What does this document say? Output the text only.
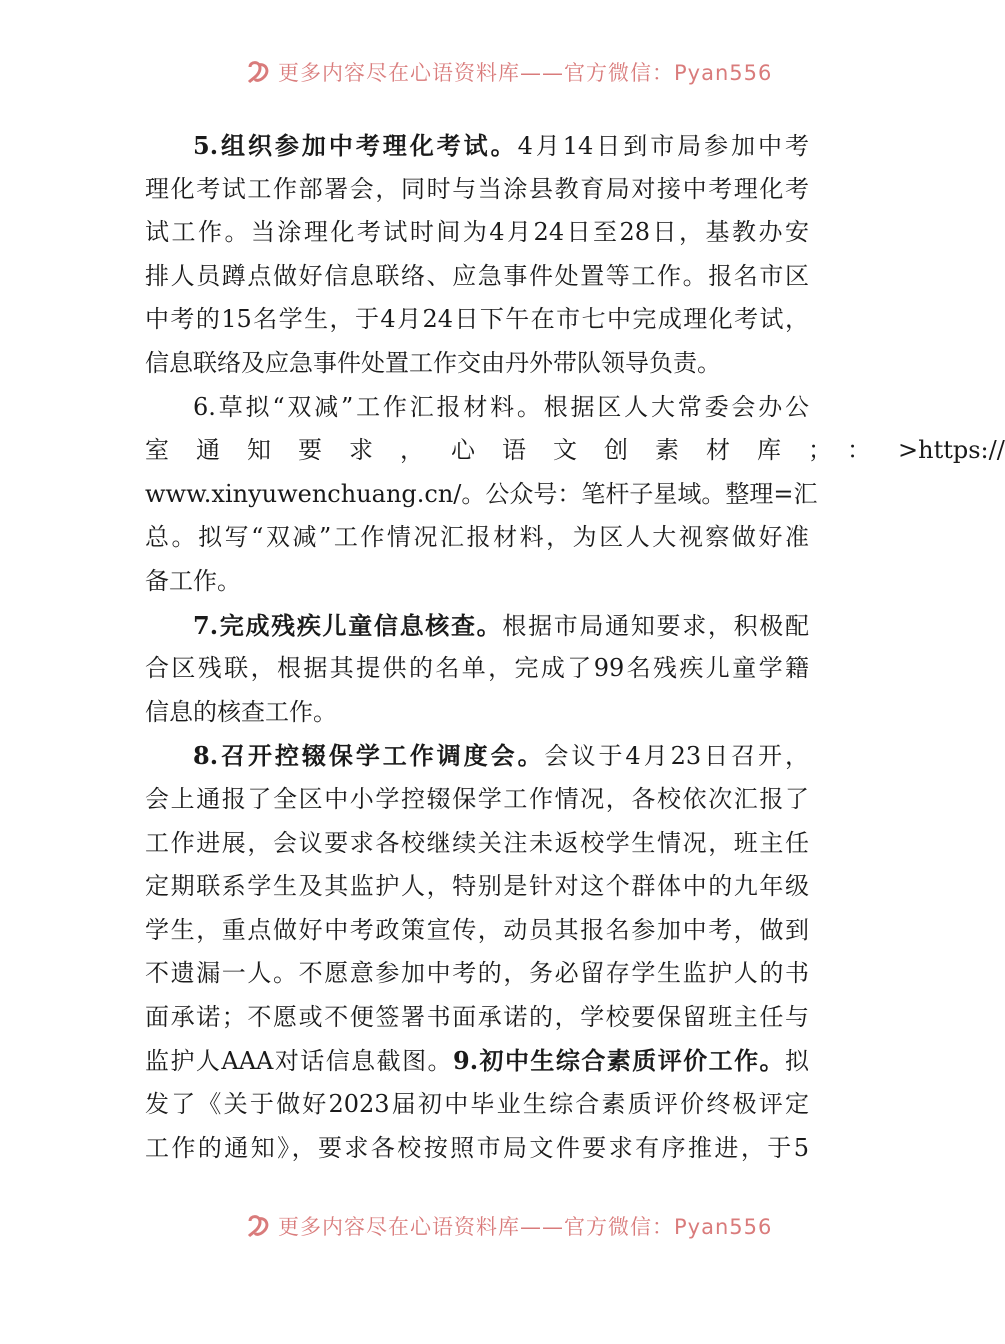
更多内容尽在心语资料库——官方微信：Pyan556
5.组织参加中考理化考试。4月14日到市局参加中考
理化考试工作部署会，同时与当涂县教育局对接中考理化考
试工作。当涂理化考试时间为4月24日至28日，基教办安
排人员蹲点做好信息联络、应急事件处置等工作。报名市区
中考的15名学生，于4月24日下午在市七中完成理化考试，
信息联络及应急事件处置工作交由丹外带队领导负责。
6.草拟“双减”工作汇报材料。根据区人大常委会办公
室通知要求，心语文创素材库；：>https://
www.xinyuwenchuang.cn/。公众号：笔杆子星域。整理=汇
总。拟写“双减”工作情况汇报材料，为区人大视察做好准
备工作。
7.完成残疾儿童信息核查。根据市局通知要求，积极配
合区残联，根据其提供的名单，完成了99名残疾儿童学籍
信息的核查工作。
8.召开控辍保学工作调度会。会议于4月23日召开，
会上通报了全区中小学控辍保学工作情况，各校依次汇报了
工作进展，会议要求各校继续关注未返校学生情况，班主任
定期联系学生及其监护人，特别是针对这个群体中的九年级
学生，重点做好中考政策宣传，动员其报名参加中考，做到
不遗漏一人。不愿意参加中考的，务必留存学生监护人的书
面承诺；不愿或不便签署书面承诺的，学校要保留班主任与
监护人AAA对话信息截图。9.初中生综合素质评价工作。拟
发了《关于做好2023届初中毕业生综合素质评价终极评定
工作的通知》，要求各校按照市局文件要求有序推进，于5
更多内容尽在心语资料库——官方微信：Pyan556
